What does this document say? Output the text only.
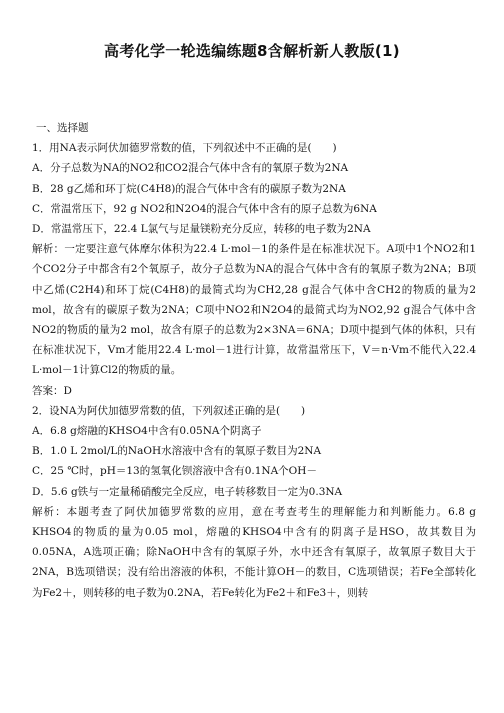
高考化学一轮选编练题8含解析新人教版(1)
一、选择题
1．用NA表示阿伏加德罗常数的值，下列叙述中不正确的是(　　)
A．分子总数为NA的NO2和CO2混合气体中含有的氧原子数为2NA
B．28 g乙烯和环丁烷(C4H8)的混合气体中含有的碳原子数为2NA
C．常温常压下，92 g NO2和N2O4的混合气体中含有的原子总数为6NA
D．常温常压下，22.4 L氯气与足量镁粉充分反应，转移的电子数为2NA
解析：一定要注意气体摩尔体积为22.4 L·mol－1的条件是在标准状况下。A项中1个NO2和1个CO2分子中都含有2个氧原子，故分子总数为NA的混合气体中含有的氧原子数为2NA；B项中乙烯(C2H4)和环丁烷(C4H8)的最简式均为CH2,28 g混合气体中含CH2的物质的量为2 mol，故含有的碳原子数为2NA；C项中NO2和N2O4的最简式均为NO2,92 g混合气体中含NO2的物质的量为2 mol，故含有原子的总数为2×3NA＝6NA；D项中提到气体的体积，只有在标准状况下，Vm才能用22.4 L·mol－1进行计算，故常温常压下，V＝n·Vm不能代入22.4 L·mol－1计算Cl2的物质的量。
答案：D
2．设NA为阿伏加德罗常数的值，下列叙述正确的是(　　)
A．6.8 g熔融的KHSO4中含有0.05NA个阴离子
B．1.0 L 2mol/L的NaOH水溶液中含有的氧原子数目为2NA
C．25 ℃时，pH＝13的氢氧化钡溶液中含有0.1NA个OH－
D．5.6 g铁与一定量稀硝酸完全反应，电子转移数目一定为0.3NA
解析：本题考查了阿伏加德罗常数的应用，意在考查考生的理解能力和判断能力。6.8 g KHSO4的物质的量为0.05 mol，熔融的KHSO4中含有的阴离子是HSO，故其数目为0.05NA，A选项正确；除NaOH中含有的氧原子外，水中还含有氧原子，故氧原子数目大于2NA，B选项错误；没有给出溶液的体积，不能计算OH－的数目，C选项错误；若Fe全部转化为Fe2＋，则转移的电子数为0.2NA，若Fe转化为Fe2＋和Fe3＋，则转
